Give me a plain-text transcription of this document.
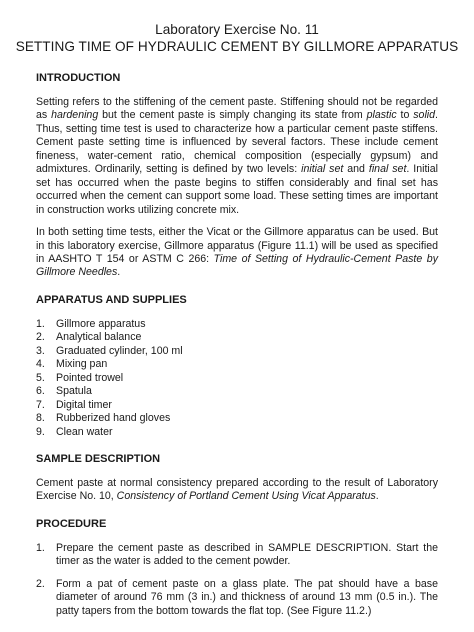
Laboratory Exercise No. 11
SETTING TIME OF HYDRAULIC CEMENT BY GILLMORE APPARATUS
INTRODUCTION

Setting refers to the stiffening of the cement paste. Stiffening should not be regarded as hardening but the cement paste is simply changing its state from plastic to solid. Thus, setting time test is used to characterize how a particular cement paste stiffens. Cement paste setting time is influenced by several factors. These include cement fineness, water-cement ratio, chemical composition (especially gypsum) and admixtures. Ordinarily, setting is defined by two levels: initial set and final set. Initial set has occurred when the paste begins to stiffen considerably and final set has occurred when the cement can support some load. These setting times are important in construction works utilizing concrete mix.

In both setting time tests, either the Vicat or the Gillmore apparatus can be used. But in this laboratory exercise, Gillmore apparatus (Figure 11.1) will be used as specified in AASHTO T 154 or ASTM C 266: Time of Setting of Hydraulic-Cement Paste by Gillmore Needles.

APPARATUS AND SUPPLIES
1.	Gillmore apparatus
2.	Analytical balance
3.	Graduated cylinder, 100 ml
4.	Mixing pan
5.	Pointed trowel
6.	Spatula
7.	Digital timer
8.	Rubberized hand gloves
9.	Clean water
SAMPLE DESCRIPTION

Cement paste at normal consistency prepared according to the result of Laboratory Exercise No. 10, Consistency of Portland Cement Using Vicat Apparatus.

PROCEDURE
1.	Prepare the cement paste as described in SAMPLE DESCRIPTION. Start the timer as the water is added to the cement powder.
2.	Form a pat of cement paste on a glass plate. The pat should have a base diameter of around 76 mm (3 in.) and thickness of around 13 mm (0.5 in.). The patty tapers from the bottom towards the flat top. (See Figure 11.2.)
